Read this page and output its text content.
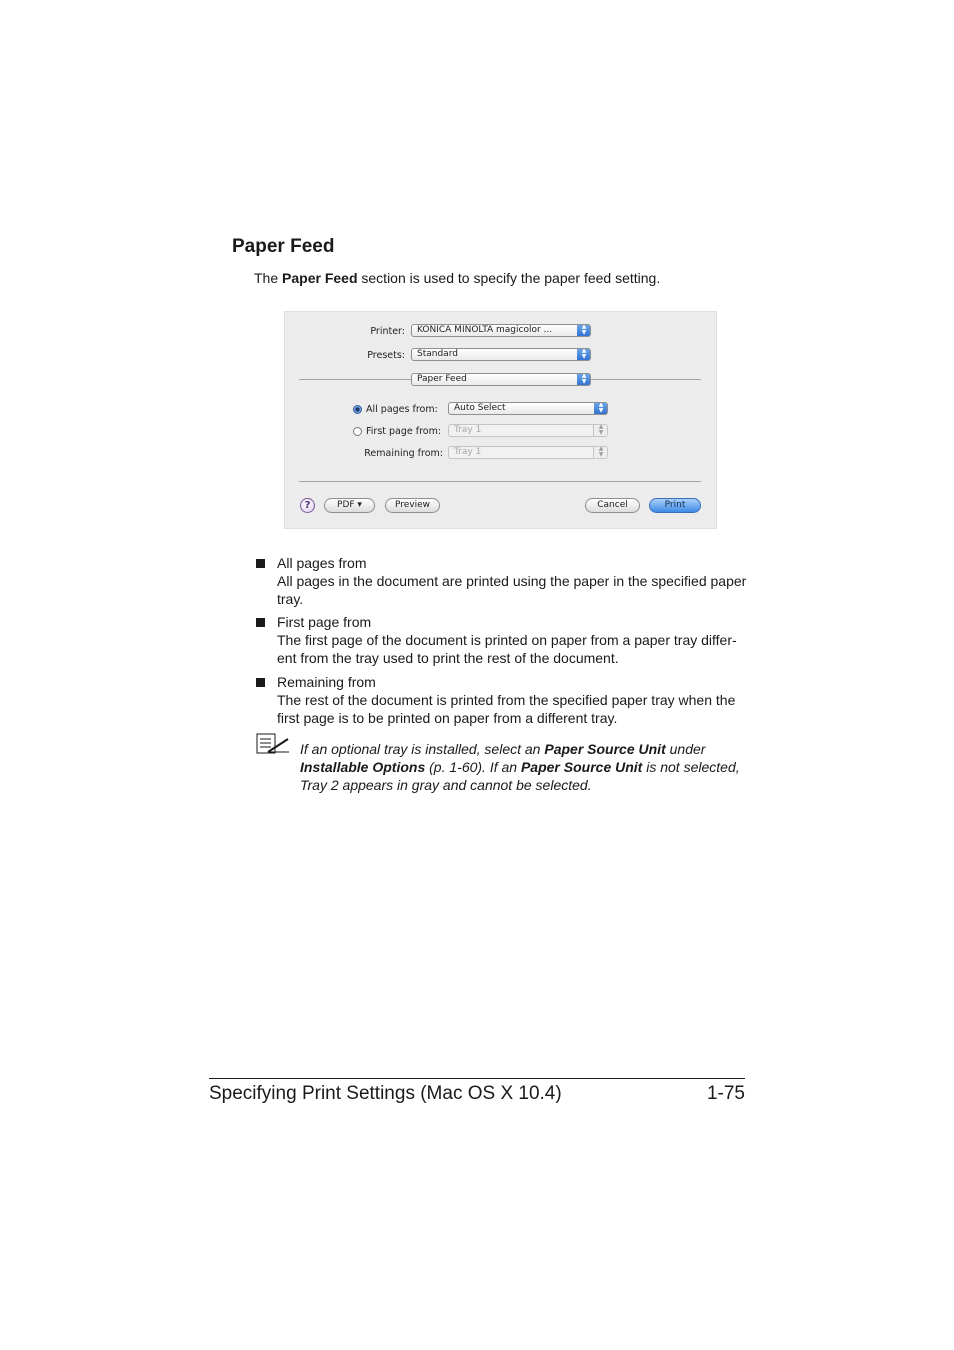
Paper Feed
The Paper Feed section is used to specify the paper feed setting.
Printer:	KONICA MINOLTA magicolor ...	▲
▼
Presets:	Standard	▲
▼
Paper Feed	▲
▼
All pages from:	Auto Select	▲
▼
First page from:	Tray 1	▲
▼
Remaining from:	Tray 1	▲
▼
?	PDF ▾	Preview	Cancel	Print
All pages from
All pages in the document are printed using the paper in the specified paper tray.
First page from
The first page of the document is printed on paper from a paper tray differ-ent from the tray used to print the rest of the document.
Remaining from
The rest of the document is printed from the specified paper tray when the first page is to be printed on paper from a different tray.
If an optional tray is installed, select an Paper Source Unit under Installable Options (p. 1-60). If an Paper Source Unit is not selected, Tray 2 appears in gray and cannot be selected.
Specifying Print Settings (Mac OS X 10.4)	1-75
